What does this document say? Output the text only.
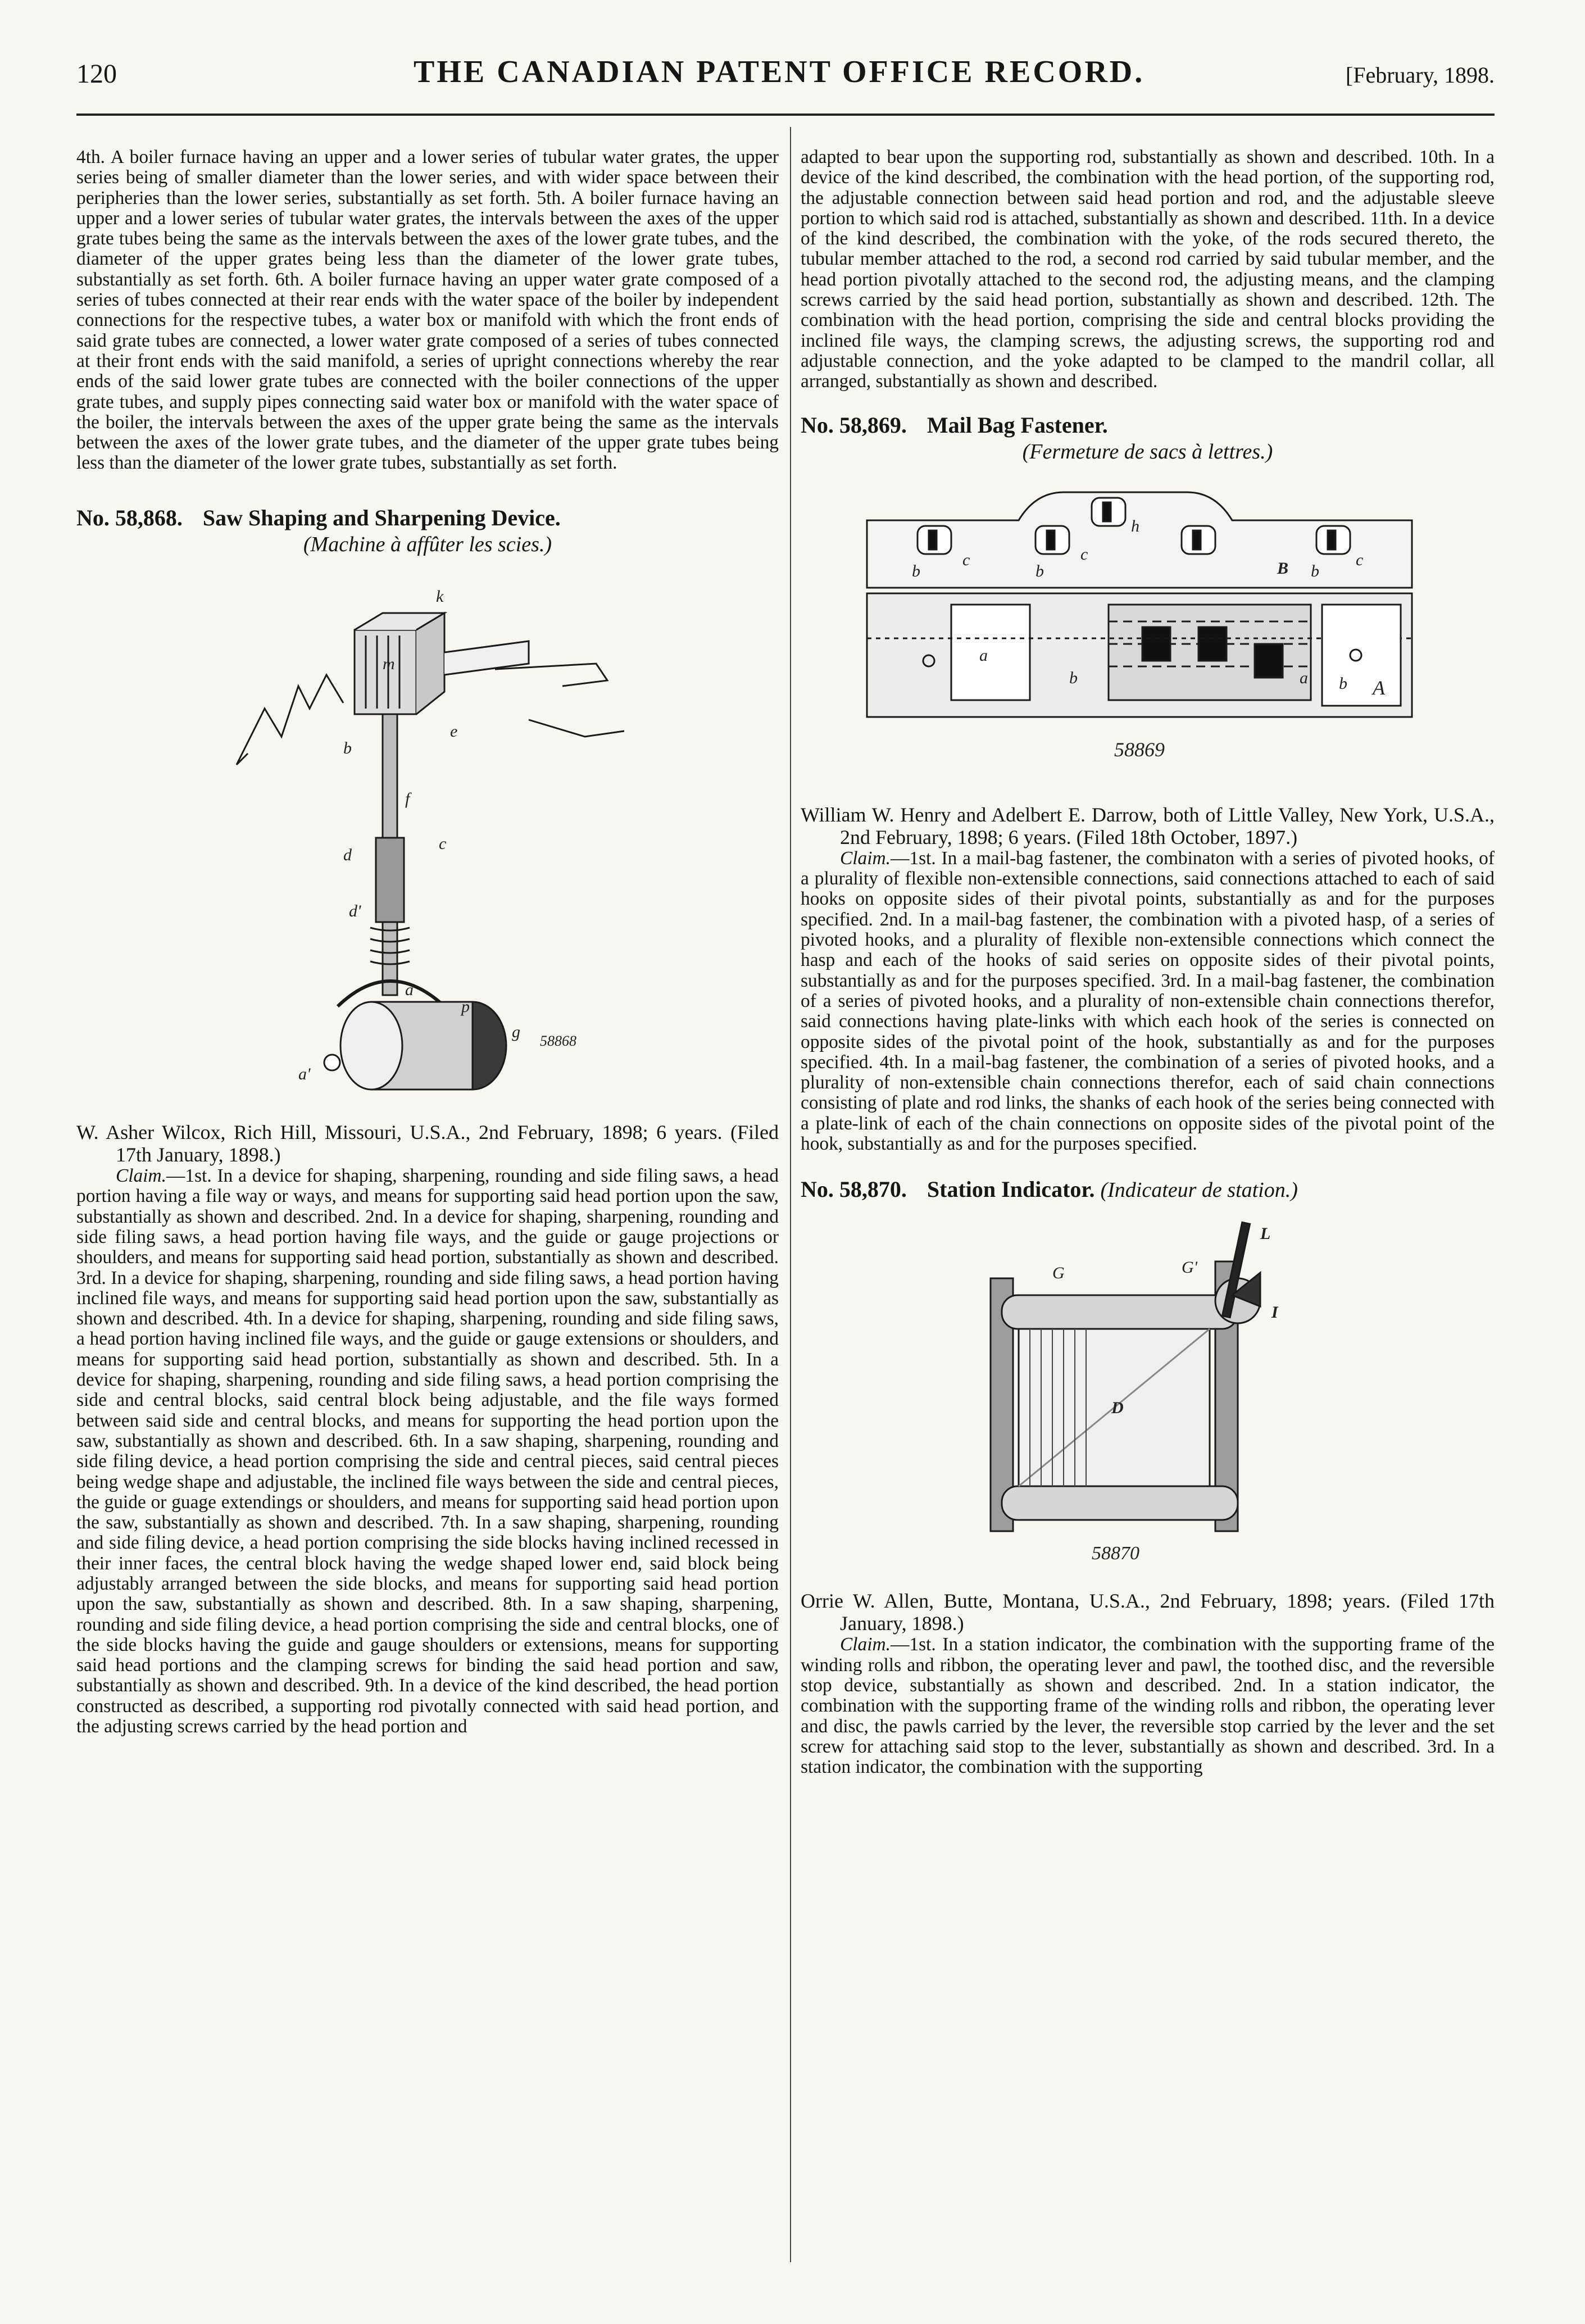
120	THE CANADIAN PATENT OFFICE RECORD.	[February, 1898.

4th. A boiler furnace having an upper and a lower series of tubular water grates, the upper series being of smaller diameter than the lower series, and with wider space between their peripheries than the lower series, substantially as set forth. 5th. A boiler furnace having an upper and a lower series of tubular water grates, the intervals between the axes of the upper grate tubes being the same as the intervals between the axes of the lower grate tubes, and the diameter of the upper grates being less than the diameter of the lower grate tubes, substantially as set forth. 6th. A boiler furnace having an upper water grate composed of a series of tubes connected at their rear ends with the water space of the boiler by independent connections for the respective tubes, a water box or manifold with which the front ends of said grate tubes are connected, a lower water grate composed of a series of tubes connected at their front ends with the said manifold, a series of upright connections whereby the rear ends of the said lower grate tubes are connected with the boiler connections of the upper grate tubes, and supply pipes connecting said water box or manifold with the water space of the boiler, the intervals between the axes of the upper grate being the same as the intervals between the axes of the lower grate tubes, and the diameter of the upper grate tubes being less than the diameter of the lower grate tubes, substantially as set forth.

No. 58,868. Saw Shaping and Sharpening Device.
(Machine à affûter les scies.)
k
e
f
d
d'
b
c
a
g
a'
m
p
58868

W. Asher Wilcox, Rich Hill, Missouri, U.S.A., 2nd February, 1898; 6 years. (Filed 17th January, 1898.)

Claim.—1st. In a device for shaping, sharpening, rounding and side filing saws, a head portion having a file way or ways, and means for supporting said head portion upon the saw, substantially as shown and described. 2nd. In a device for shaping, sharpening, rounding and side filing saws, a head portion having file ways, and the guide or gauge projections or shoulders, and means for supporting said head portion, substantially as shown and described. 3rd. In a device for shaping, sharpening, rounding and side filing saws, a head portion having inclined file ways, and means for supporting said head portion upon the saw, substantially as shown and described. 4th. In a device for shaping, sharpening, rounding and side filing saws, a head portion having inclined file ways, and the guide or gauge extensions or shoulders, and means for supporting said head portion, substantially as shown and described. 5th. In a device for shaping, sharpening, rounding and side filing saws, a head portion comprising the side and central blocks, said central block being adjustable, and the file ways formed between said side and central blocks, and means for supporting the head portion upon the saw, substantially as shown and described. 6th. In a saw shaping, sharpening, rounding and side filing device, a head portion comprising the side and central pieces, said central pieces being wedge shape and adjustable, the inclined file ways between the side and central pieces, the guide or guage extendings or shoulders, and means for supporting said head portion upon the saw, substantially as shown and described. 7th. In a saw shaping, sharpening, rounding and side filing device, a head portion comprising the side blocks having inclined recessed in their inner faces, the central block having the wedge shaped lower end, said block being adjustably arranged between the side blocks, and means for supporting said head portion upon the saw, substantially as shown and described. 8th. In a saw shaping, sharpening, rounding and side filing device, a head portion comprising the side and central blocks, one of the side blocks having the guide and gauge shoulders or extensions, means for supporting said head portions and the clamping screws for binding the said head portion and saw, substantially as shown and described. 9th. In a device of the kind described, the head portion constructed as described, a supporting rod pivotally connected with said head portion, and the adjusting screws carried by the head portion and

adapted to bear upon the supporting rod, substantially as shown and described. 10th. In a device of the kind described, the combination with the head portion, of the supporting rod, the adjustable connection between said head portion and rod, and the adjustable sleeve portion to which said rod is attached, substantially as shown and described. 11th. In a device of the kind described, the combination with the yoke, of the rods secured thereto, the tubular member attached to the rod, a second rod carried by said tubular member, and the head portion pivotally attached to the second rod, the adjusting means, and the clamping screws carried by the said head portion, substantially as shown and described. 12th. The combination with the head portion, comprising the side and central blocks providing the inclined file ways, the clamping screws, the adjusting screws, the supporting rod and adjustable connection, and the yoke adapted to be clamped to the mandril collar, all arranged, substantially as shown and described.

No. 58,869. Mail Bag Fastener.
(Fermeture de sacs à lettres.)
b
c
b
c
h
B b
c
a
b	a b A
58869

William W. Henry and Adelbert E. Darrow, both of Little Valley, New York, U.S.A., 2nd February, 1898; 6 years. (Filed 18th October, 1897.)

Claim.—1st. In a mail-bag fastener, the combinaton with a series of pivoted hooks, of a plurality of flexible non-extensible connections, said connections attached to each of said hooks on opposite sides of their pivotal points, substantially as and for the purposes specified. 2nd. In a mail-bag fastener, the combination with a pivoted hasp, of a series of pivoted hooks, and a plurality of flexible non-extensible connections which connect the hasp and each of the hooks of said series on opposite sides of their pivotal points, substantially as and for the purposes specified. 3rd. In a mail-bag fastener, the combination of a series of pivoted hooks, and a plurality of non-extensible chain connections therefor, said connections having plate-links with which each hook of the series is connected on opposite sides of the pivotal point of the hook, substantially as and for the purposes specified. 4th. In a mail-bag fastener, the combination of a series of pivoted hooks, and a plurality of non-extensible chain connections therefor, each of said chain connections consisting of plate and rod links, the shanks of each hook of the series being connected with a plate-link of each of the chain connections on opposite sides of the pivotal point of the hook, substantially as and for the purposes specified.

No. 58,870. Station Indicator. (Indicateur de station.)
L
G	G'
I
D
58870

Orrie W. Allen, Butte, Montana, U.S.A., 2nd February, 1898; years. (Filed 17th January, 1898.)

Claim.—1st. In a station indicator, the combination with the supporting frame of the winding rolls and ribbon, the operating lever and pawl, the toothed disc, and the reversible stop device, substantially as shown and described. 2nd. In a station indicator, the combination with the supporting frame of the winding rolls and ribbon, the operating lever and disc, the pawls carried by the lever, the reversible stop carried by the lever and the set screw for attaching said stop to the lever, substantially as shown and described. 3rd. In a station indicator, the combination with the supporting
